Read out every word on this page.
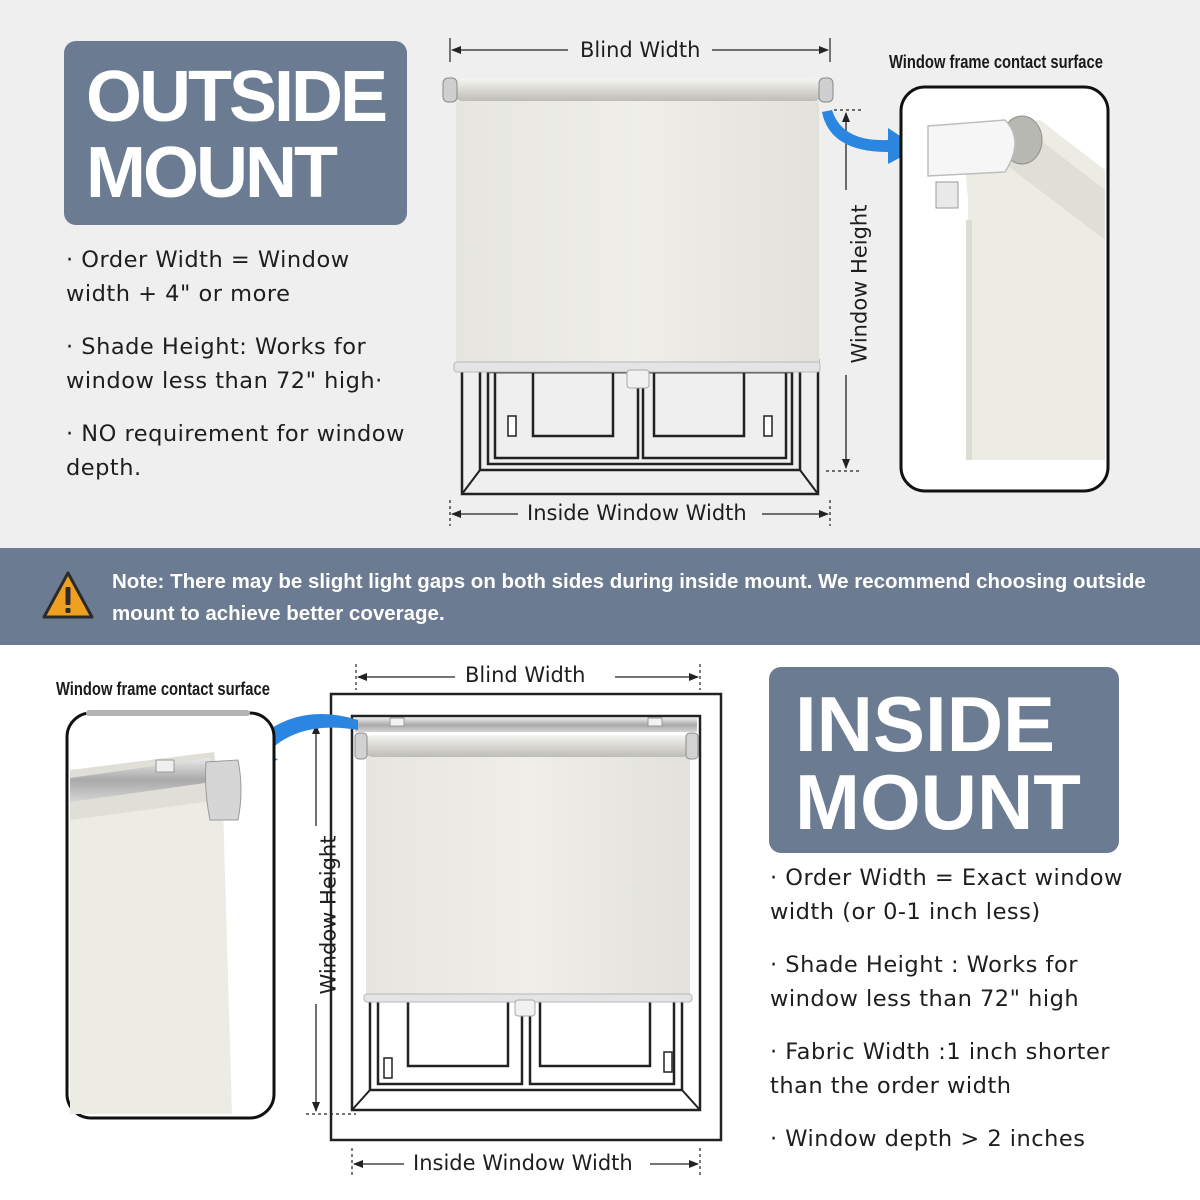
OUTSIDE
MOUNT

· Order Width = Window width + 4" or more

· Shade Height: Works for window less than 72" high·

· NO requirement for window depth.

Note: There may be slight light gaps on both sides during inside mount. We recommend choosing outside mount to achieve better coverage.
INSIDE
MOUNT

· Order Width = Exact window width (or 0-1 inch less)

· Shade Height : Works for window less than 72" high

· Fabric Width :1 inch shorter than the order width

· Window depth > 2 inches

Blind Width
Inside Window Width
Window Height
Window frame contact surface
Blind Width
Inside Window Width
Window Height
Window frame contact surface
